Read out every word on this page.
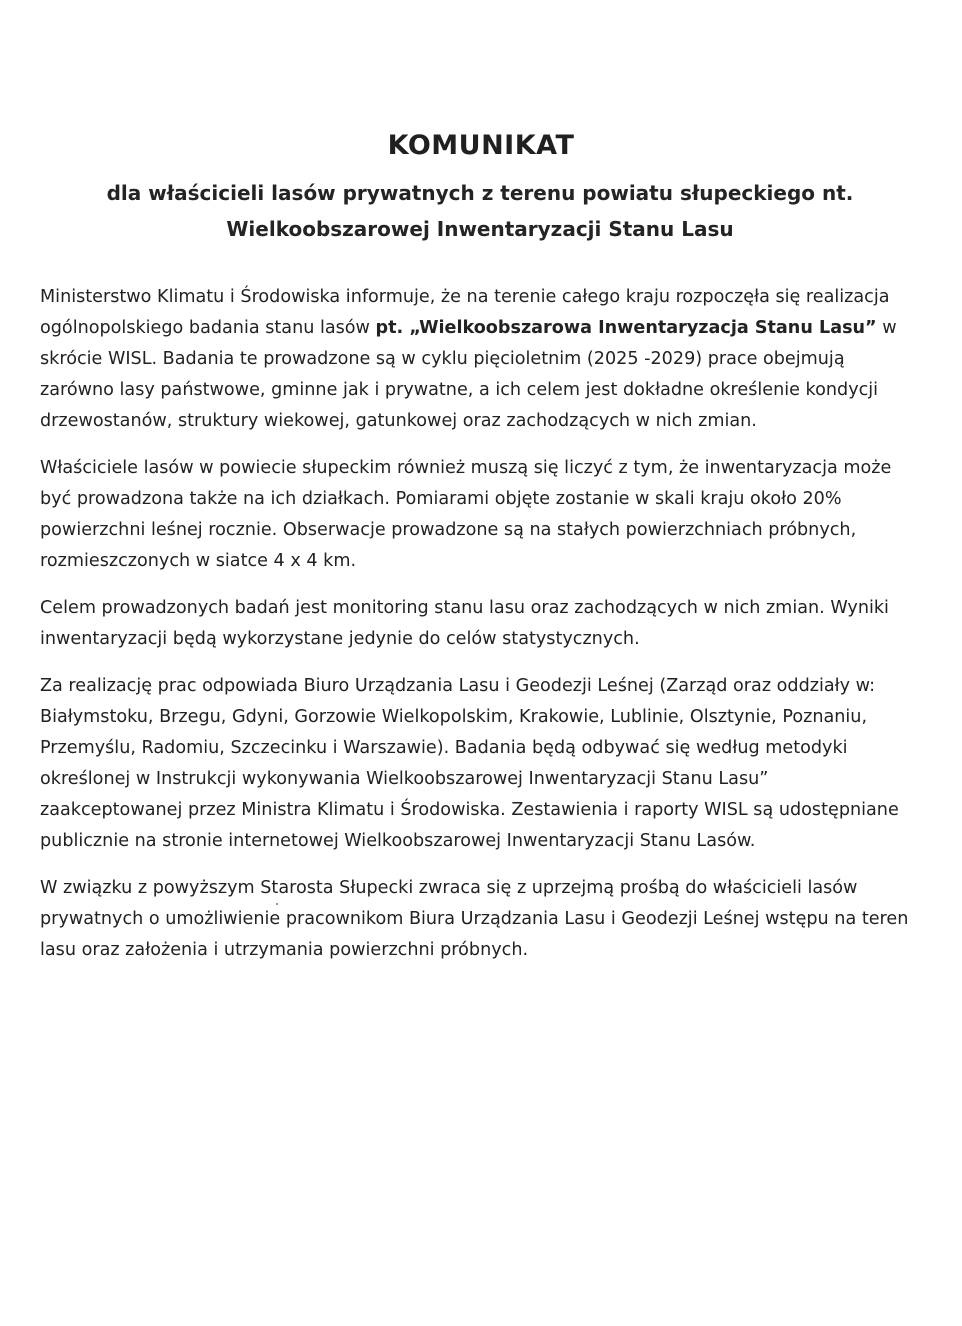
KOMUNIKAT
dla właścicieli lasów prywatnych z terenu powiatu słupeckiego nt.
Wielkoobszarowej Inwentaryzacji Stanu Lasu

Ministerstwo Klimatu i Środowiska informuje, że na terenie całego kraju rozpoczęła się realizacja ogólnopolskiego badania stanu lasów pt. „Wielkoobszarowa Inwentaryzacja Stanu Lasu” w skrócie WISL. Badania te prowadzone są w cyklu pięcioletnim (2025 -2029) prace obejmują zarówno lasy państwowe, gminne jak i prywatne, a ich celem jest dokładne określenie kondycji drzewostanów, struktury wiekowej, gatunkowej oraz zachodzących w nich zmian.

Właściciele lasów w powiecie słupeckim również muszą się liczyć z tym, że inwentaryzacja może być prowadzona także na ich działkach. Pomiarami objęte zostanie w skali kraju około 20% powierzchni leśnej rocznie. Obserwacje prowadzone są na stałych powierzchniach próbnych, rozmieszczonych w siatce 4 x 4 km.

Celem prowadzonych badań jest monitoring stanu lasu oraz zachodzących w nich zmian. Wyniki inwentaryzacji będą wykorzystane jedynie do celów statystycznych.

Za realizację prac odpowiada Biuro Urządzania Lasu i Geodezji Leśnej (Zarząd oraz oddziały w: Białymstoku, Brzegu, Gdyni, Gorzowie Wielkopolskim, Krakowie, Lublinie, Olsztynie, Poznaniu, Przemyślu, Radomiu, Szczecinku i Warszawie). Badania będą odbywać się według metodyki określonej w Instrukcji wykonywania Wielkoobszarowej Inwentaryzacji Stanu Lasu” zaakceptowanej przez Ministra Klimatu i Środowiska. Zestawienia i raporty WISL są udostępniane publicznie na stronie internetowej Wielkoobszarowej Inwentaryzacji Stanu Lasów.

W związku z powyższym Starosta Słupecki zwraca się z uprzejmą prośbą do właścicieli lasów prywatnych o umożliwienie pracownikom Biura Urządzania Lasu i Geodezji Leśnej wstępu na teren lasu oraz założenia i utrzymania powierzchni próbnych.
